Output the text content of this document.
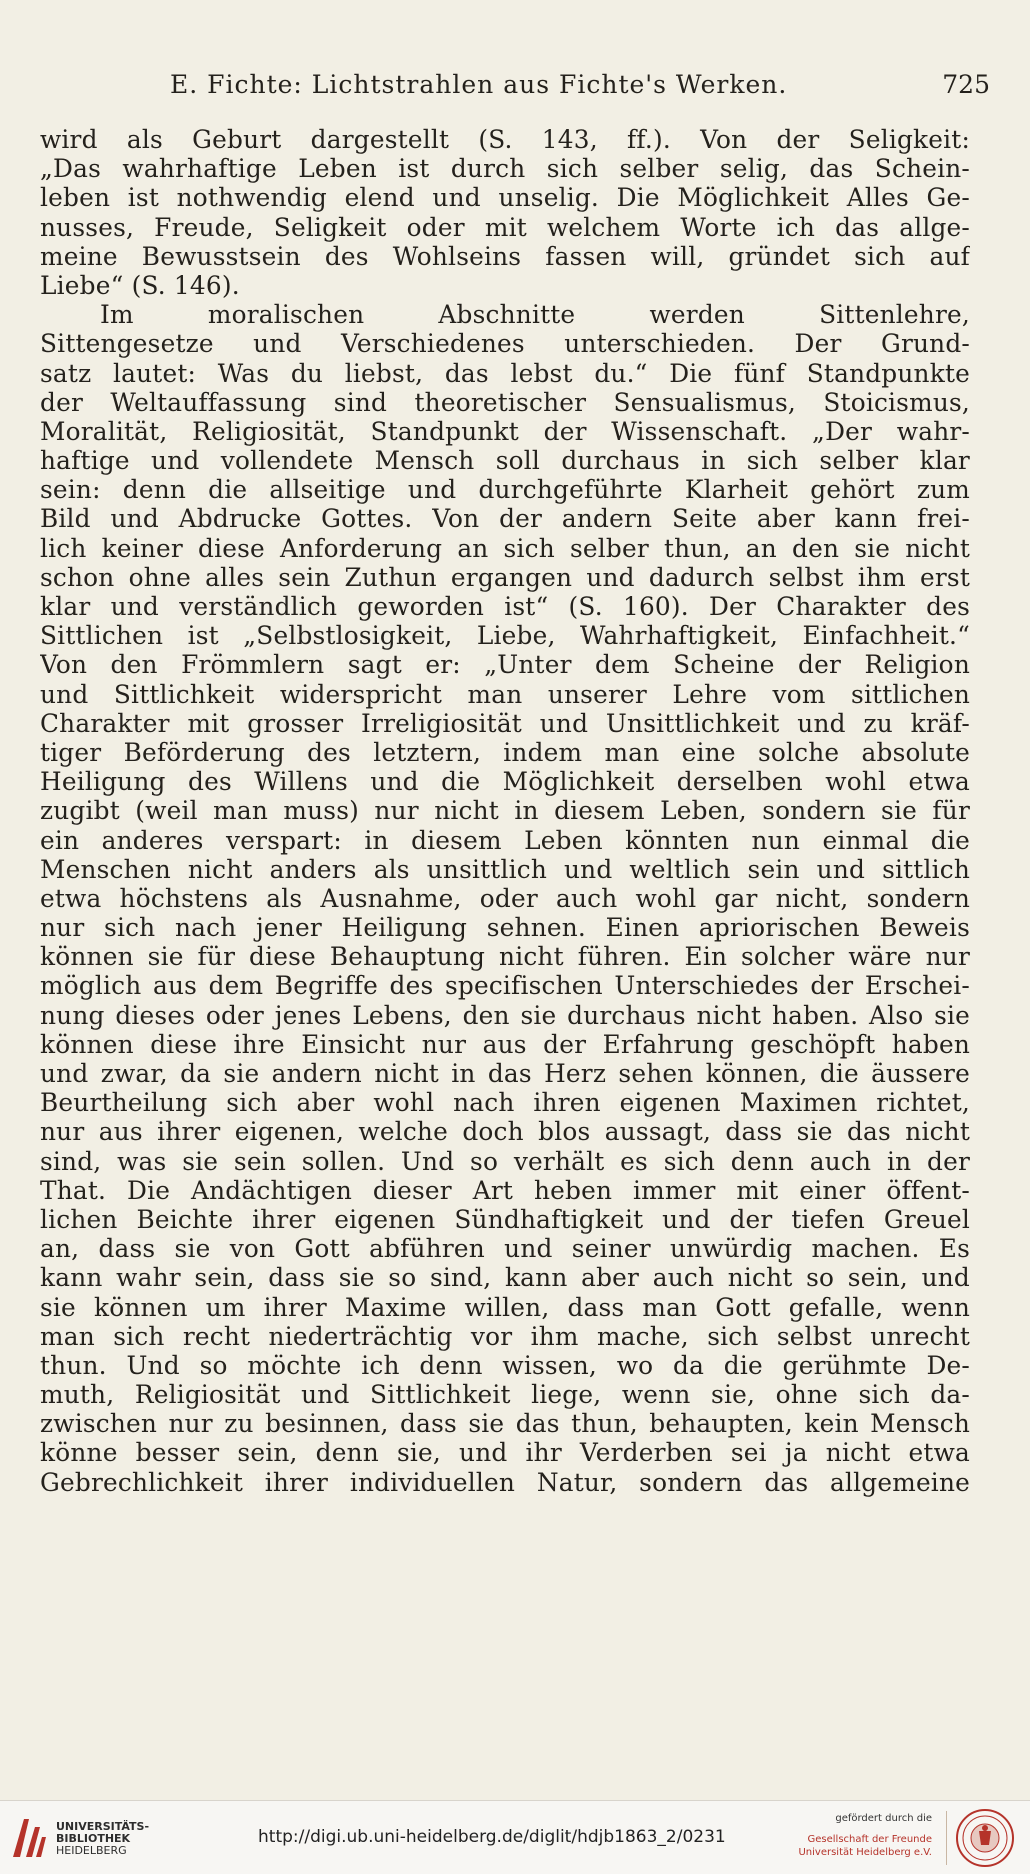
E. Fichte: Lichtstrahlen aus Fichte's Werken.	725
wird als Geburt dargestellt (S. 143, ff.). Von der Seligkeit:
„Das wahrhaftige Leben ist durch sich selber selig, das Schein-
leben ist nothwendig elend und unselig. Die Möglichkeit Alles Ge-
nusses, Freude, Seligkeit oder mit welchem Worte ich das allge-
meine Bewusstsein des Wohlseins fassen will, gründet sich auf
Liebe“ (S. 146).
Im moralischen Abschnitte werden Sittenlehre,
Sittengesetze und Verschiedenes unterschieden. Der Grund-
satz lautet: Was du liebst, das lebst du.“ Die fünf Standpunkte
der Weltauffassung sind theoretischer Sensualismus, Stoicismus,
Moralität, Religiosität, Standpunkt der Wissenschaft. „Der wahr-
haftige und vollendete Mensch soll durchaus in sich selber klar
sein: denn die allseitige und durchgeführte Klarheit gehört zum
Bild und Abdrucke Gottes. Von der andern Seite aber kann frei-
lich keiner diese Anforderung an sich selber thun, an den sie nicht
schon ohne alles sein Zuthun ergangen und dadurch selbst ihm erst
klar und verständlich geworden ist“ (S. 160). Der Charakter des
Sittlichen ist „Selbstlosigkeit, Liebe, Wahrhaftigkeit, Einfachheit.“
Von den Frömmlern sagt er: „Unter dem Scheine der Religion
und Sittlichkeit widerspricht man unserer Lehre vom sittlichen
Charakter mit grosser Irreligiosität und Unsittlichkeit und zu kräf-
tiger Beförderung des letztern, indem man eine solche absolute
Heiligung des Willens und die Möglichkeit derselben wohl etwa
zugibt (weil man muss) nur nicht in diesem Leben, sondern sie für
ein anderes verspart: in diesem Leben könnten nun einmal die
Menschen nicht anders als unsittlich und weltlich sein und sittlich
etwa höchstens als Ausnahme, oder auch wohl gar nicht, sondern
nur sich nach jener Heiligung sehnen. Einen apriorischen Beweis
können sie für diese Behauptung nicht führen. Ein solcher wäre nur
möglich aus dem Begriffe des specifischen Unterschiedes der Erschei-
nung dieses oder jenes Lebens, den sie durchaus nicht haben. Also sie
können diese ihre Einsicht nur aus der Erfahrung geschöpft haben
und zwar, da sie andern nicht in das Herz sehen können, die äussere
Beurtheilung sich aber wohl nach ihren eigenen Maximen richtet,
nur aus ihrer eigenen, welche doch blos aussagt, dass sie das nicht
sind, was sie sein sollen. Und so verhält es sich denn auch in der
That. Die Andächtigen dieser Art heben immer mit einer öffent-
lichen Beichte ihrer eigenen Sündhaftigkeit und der tiefen Greuel
an, dass sie von Gott abführen und seiner unwürdig machen. Es
kann wahr sein, dass sie so sind, kann aber auch nicht so sein, und
sie können um ihrer Maxime willen, dass man Gott gefalle, wenn
man sich recht niederträchtig vor ihm mache, sich selbst unrecht
thun. Und so möchte ich denn wissen, wo da die gerühmte De-
muth, Religiosität und Sittlichkeit liege, wenn sie, ohne sich da-
zwischen nur zu besinnen, dass sie das thun, behaupten, kein Mensch
könne besser sein, denn sie, und ihr Verderben sei ja nicht etwa
Gebrechlichkeit ihrer individuellen Natur, sondern das allgemeine
UNIVERSITÄTS-
BIBLIOTHEK
HEIDELBERG
http://digi.ub.uni-heidelberg.de/diglit/hdjb1863_2/0231
gefördert durch die
Gesellschaft der Freunde
Universität Heidelberg e.V.
